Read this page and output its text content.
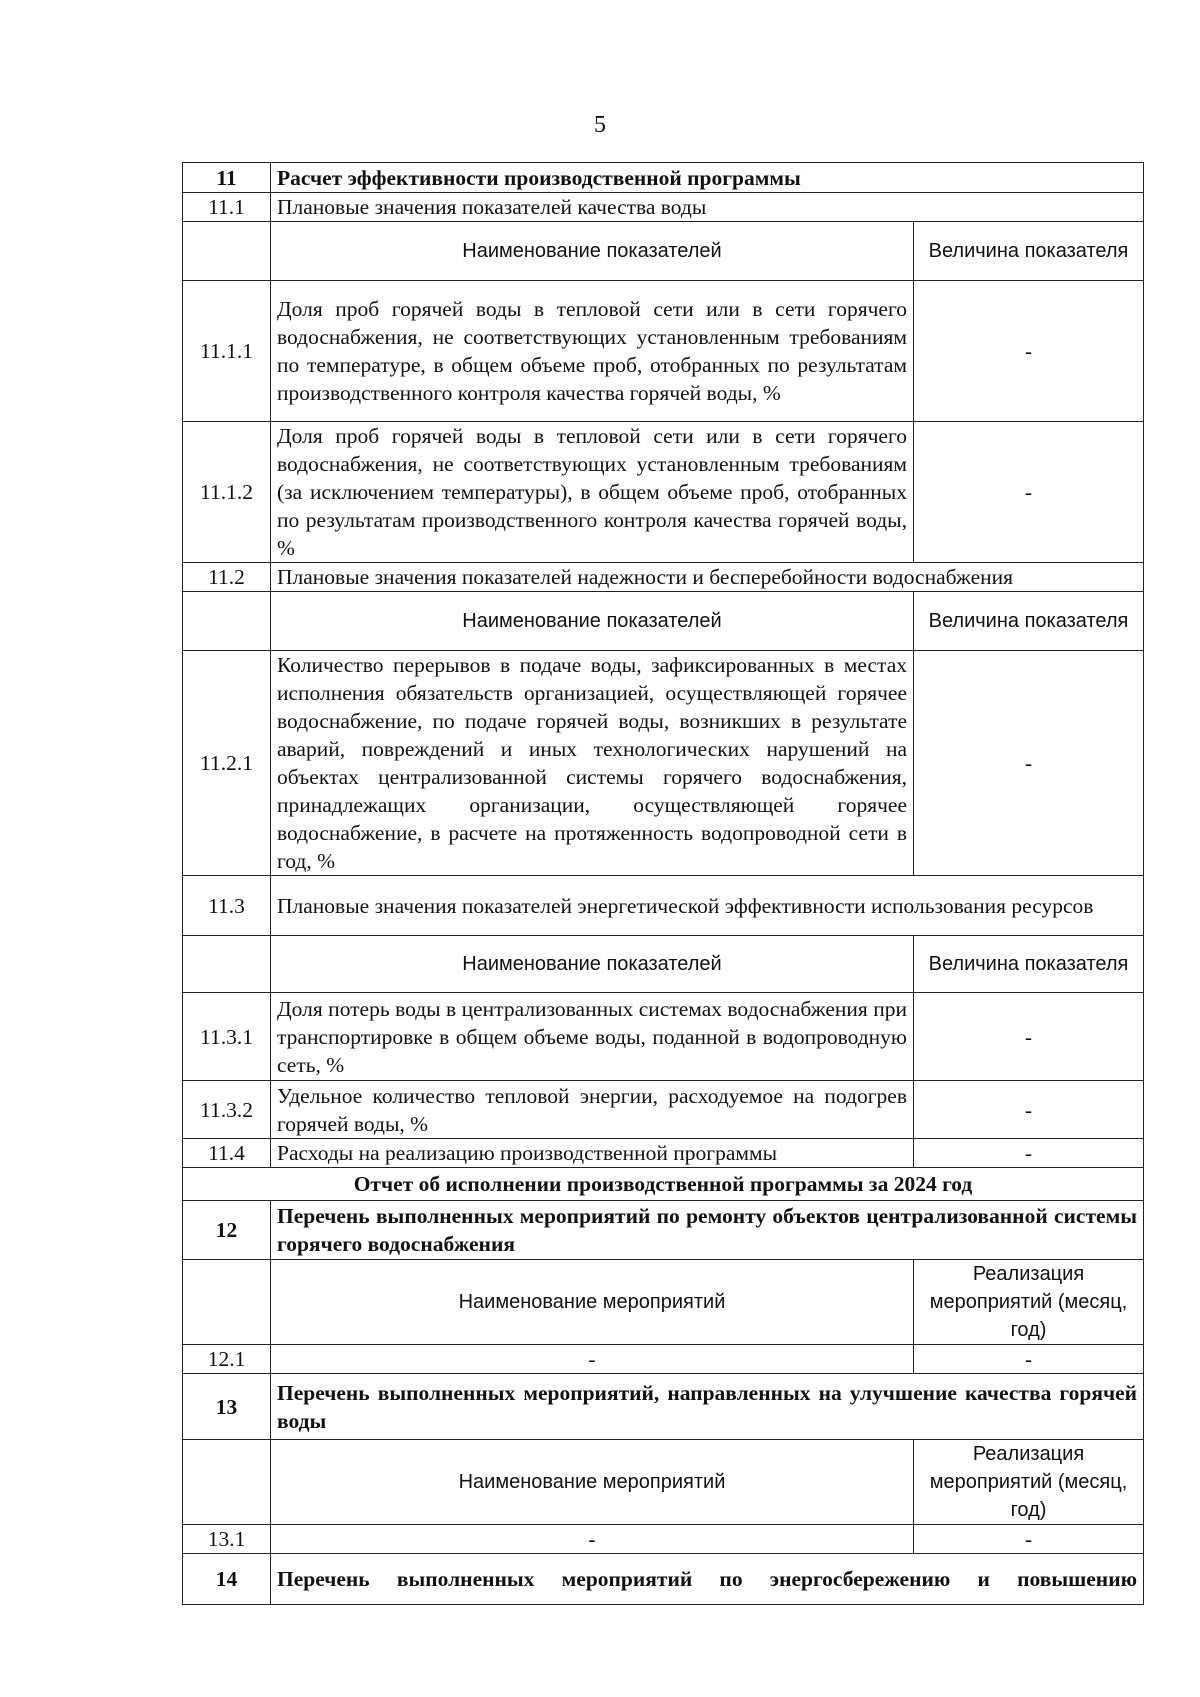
5
11	Расчет эффективности производственной программы	
11.1	Плановые значения показателей качества воды	
	Наименование показателей	Величина показателя
11.1.1	Доля проб горячей воды в тепловой сети или в сети горячего водоснабжения, не соответствующих установленным требованиям по температуре, в общем объеме проб, отобранных по результатам производственного контроля качества горячей воды, %	-
11.1.2	Доля проб горячей воды в тепловой сети или в сети горячего водоснабжения, не соответствующих установленным требованиям (за исключением температуры), в общем объеме проб, отобранных по результатам производственного контроля качества горячей воды, %	-
11.2	Плановые значения показателей надежности и бесперебойности водоснабжения	
	Наименование показателей	Величина показателя
11.2.1	Количество перерывов в подаче воды, зафиксированных в местах исполнения обязательств организацией, осуществляющей горячее водоснабжение, по подаче горячей воды, возникших в результате аварий, повреждений и иных технологических нарушений на объектах централизованной системы горячего водоснабжения, принадлежащих организации, осуществляющей горячее водоснабжение, в расчете на протяженность водопроводной сети в год, %	-
11.3	Плановые значения показателей энергетической эффективности использования ресурсов	
	Наименование показателей	Величина показателя
11.3.1	Доля потерь воды в централизованных системах водоснабжения при транспортировке в общем объеме воды, поданной в водопроводную сеть, %	-
11.3.2	Удельное количество тепловой энергии, расходуемое на подогрев горячей воды, %	-
11.4	Расходы на реализацию производственной программы	-
Отчет об исполнении производственной программы за 2024 год		
12	Перечень выполненных мероприятий по ремонту объектов централизованной системы горячего водоснабжения	
	Наименование мероприятий	Реализация мероприятий (месяц, год)
12.1	-	-
13	Перечень выполненных мероприятий, направленных на улучшение качества горячей воды	
	Наименование мероприятий	Реализация мероприятий (месяц, год)
13.1	-	-
14	Перечень выполненных мероприятий по энергосбережению и повышению	
